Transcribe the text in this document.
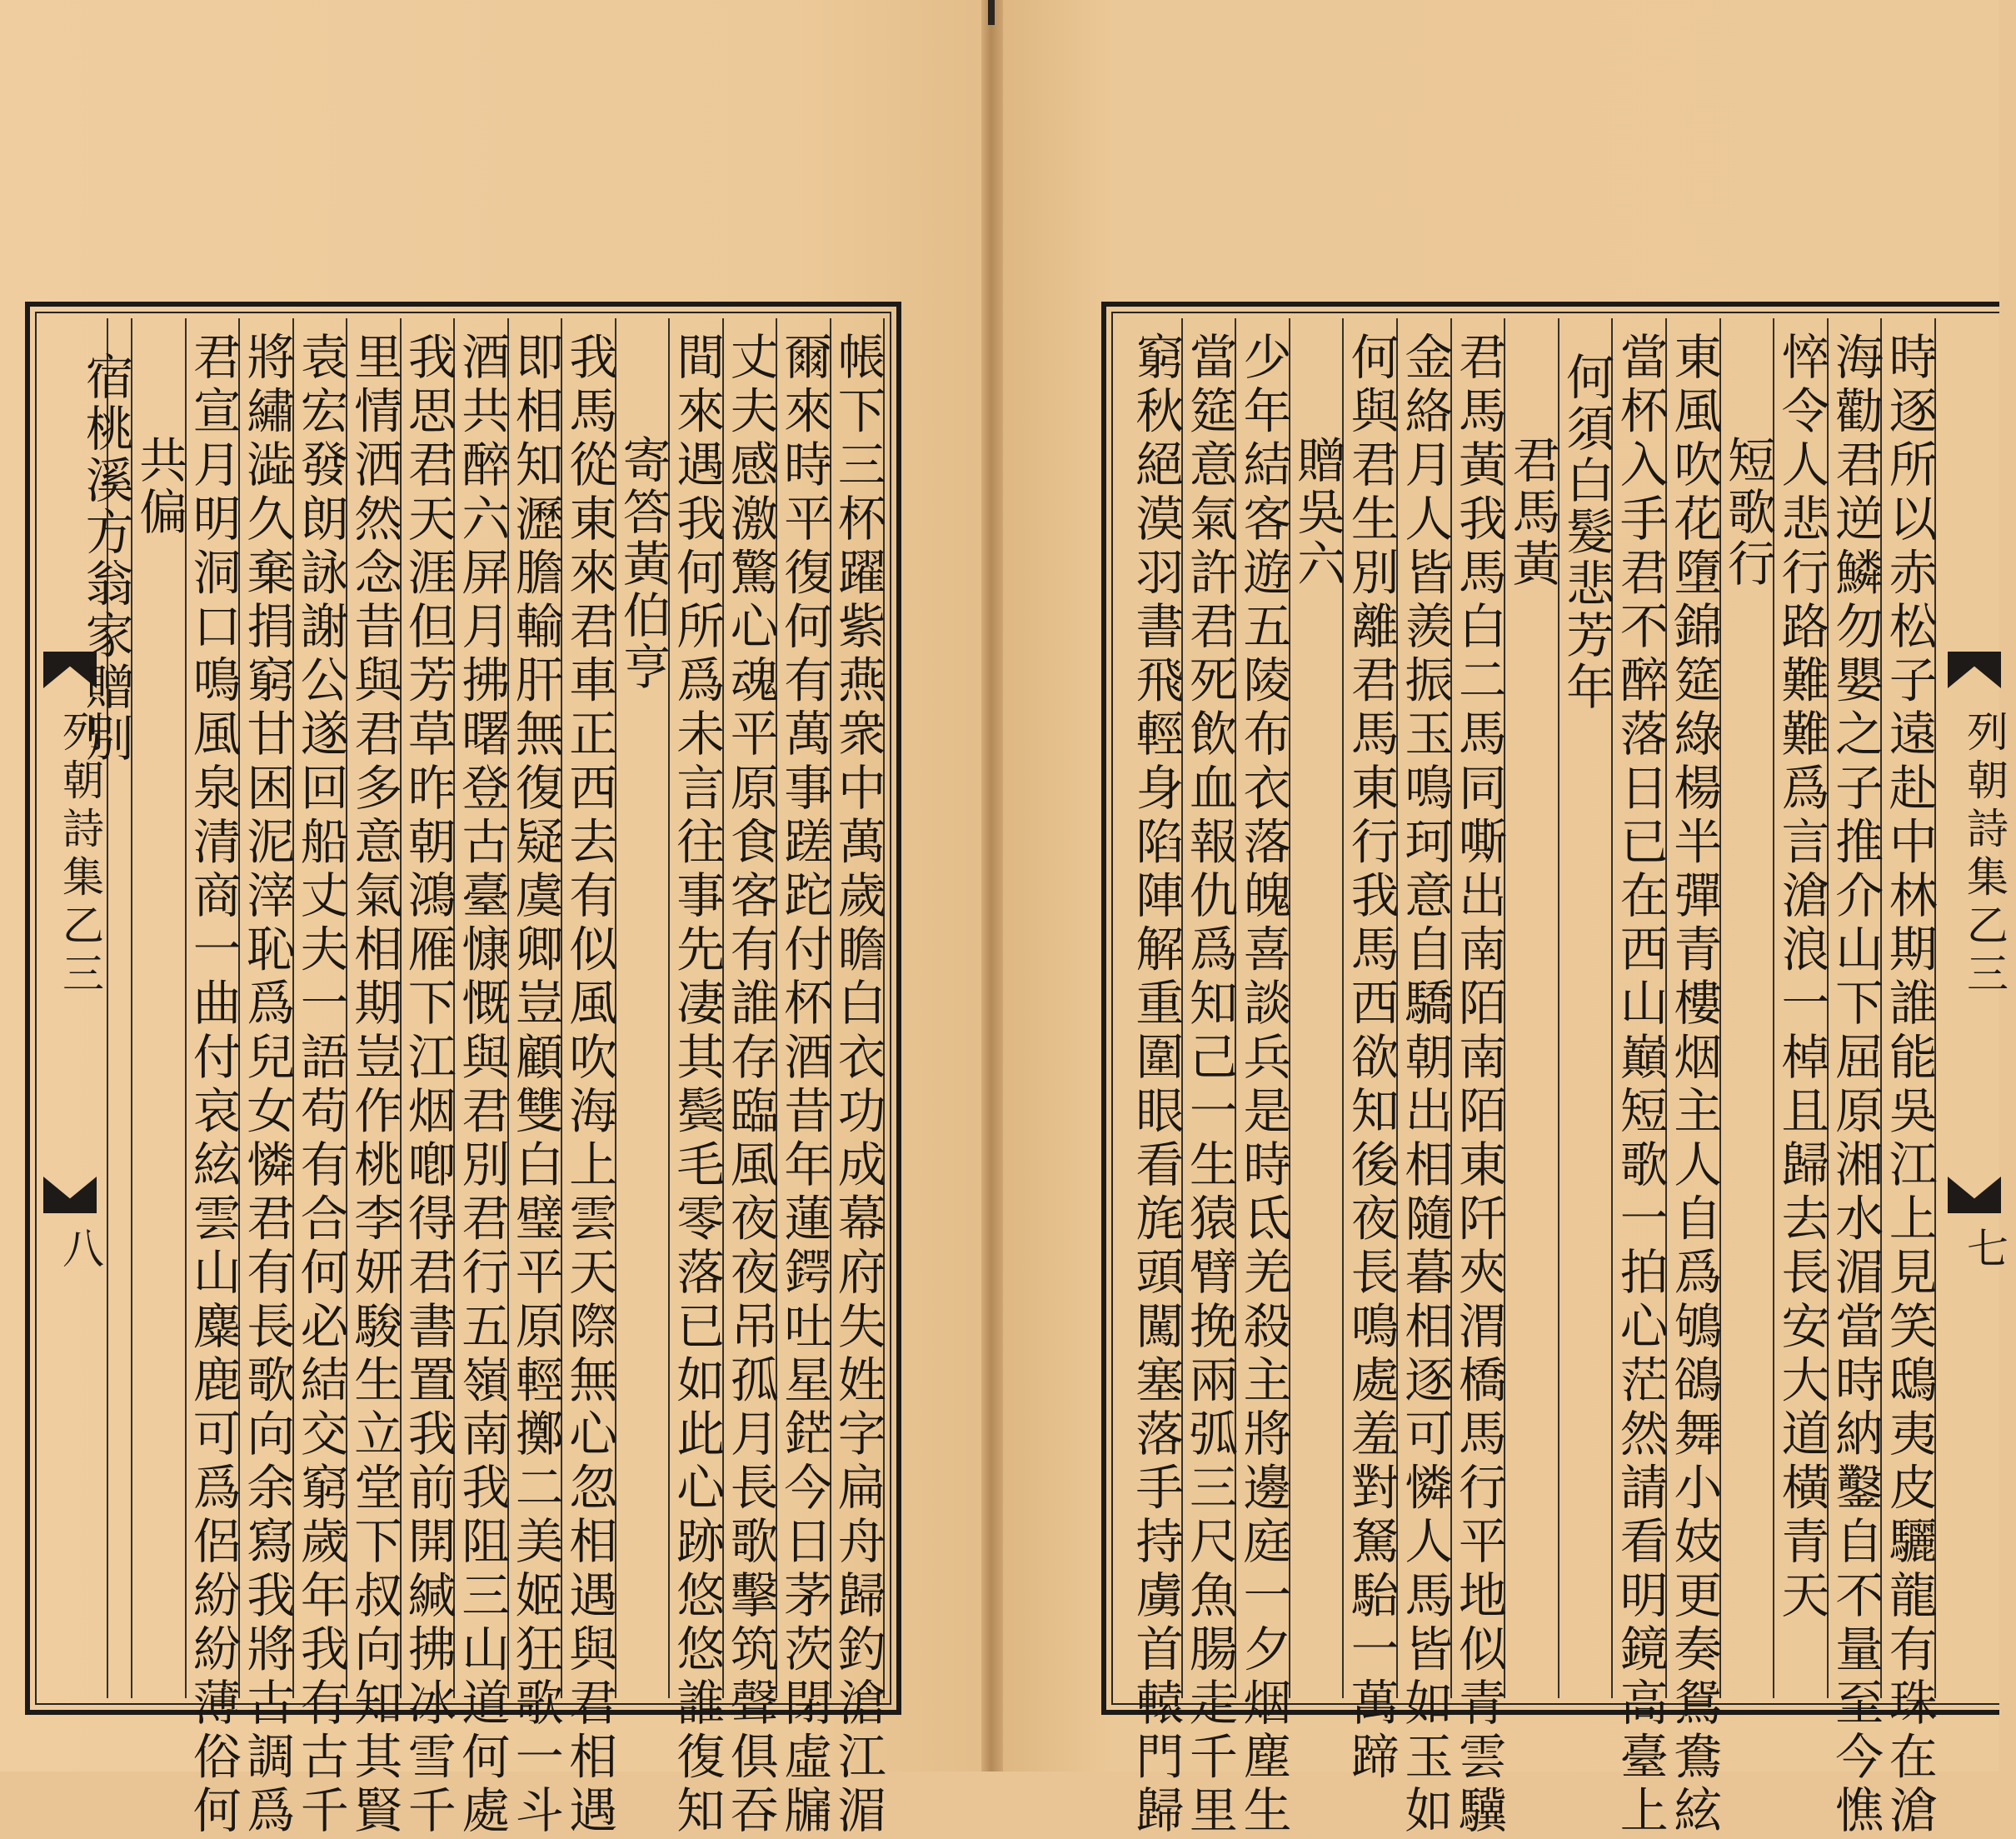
列朝詩集乙三
八	帳下三杯躍紫燕衆中萬歲瞻白衣功成幕府失姓字扁舟歸釣滄江湄
爾來時平復何有萬事蹉跎付杯酒昔年蓮鍔吐星鋩今日茅茨閉虛牖
丈夫感激驚心魂平原食客有誰存臨風夜夜吊孤月長歌擊筑聲俱吞
間來遇我何所爲未言往事先凄其鬓毛零落已如此心跡悠悠誰復知
寄答黃伯亨
我馬從東來君車正西去有似風吹海上雲天際無心忽相遇與君相遇
即相知瀝膽輸肝無復疑虞卿豈顧雙白璧平原輕擲二美姬狂歌一斗
酒共醉六屏月拂曙登古臺慷慨與君別君行五嶺南我阻三山道何處
我思君天涯但芳草昨朝鴻雁下江烟喞得君書置我前開緘拂冰雪千
里情洒然念昔與君多意氣相期豈作桃李妍駿生立堂下叔向知其賢
袁宏發朗詠謝公遂回船丈夫一語苟有合何必結交窮歲年我有古千
將繡澁久棄捐窮甘困泥滓恥爲兒女憐君有長歌向余寫我將古調爲
君宣月明洞口鳴風泉清商一曲付哀絃雲山麋鹿可爲侶紛紛薄俗何
共偏
宿桃溪方翁家贈別
列朝詩集乙三
七
時逐所以赤松子遠赴中林期誰能吳江上見笑鴟夷皮驪龍有珠在滄
海勸君逆鱗勿嬰之子推介山下屈原湘水湄當時納鑿自不量至今憔
悴令人悲行路難難爲言滄浪一棹且歸去長安大道橫青天
短歌行
東風吹花墮錦筵綠楊半彈青樓烟主人自爲鴝鵒舞小妓更奏鴛鴦絃
當杯入手君不醉落日已在西山巔短歌一拍心茫然請看明鏡高臺上
何須白髮悲芳年
君馬黃
君馬黃我馬白二馬同嘶出南陌南陌東阡夾渭橋馬行平地似青雲驥
金絡月人皆羨振玉鳴珂意自驕朝出相隨暮相逐可憐人馬皆如玉如
何與君生別離君馬東行我馬西欲知後夜長鳴處羞對駑駘一萬蹄
贈吳六
少年結客遊五陵布衣落魄喜談兵是時氐羌殺主將邊庭一夕烟塵生
當筵意氣許君死飲血報仇爲知己一生猿臂挽兩弧三尺魚腸走千里
窮秋絕漠羽書飛輕身陷陣解重圍眼看旄頭闖塞落手持虜首轅門歸
